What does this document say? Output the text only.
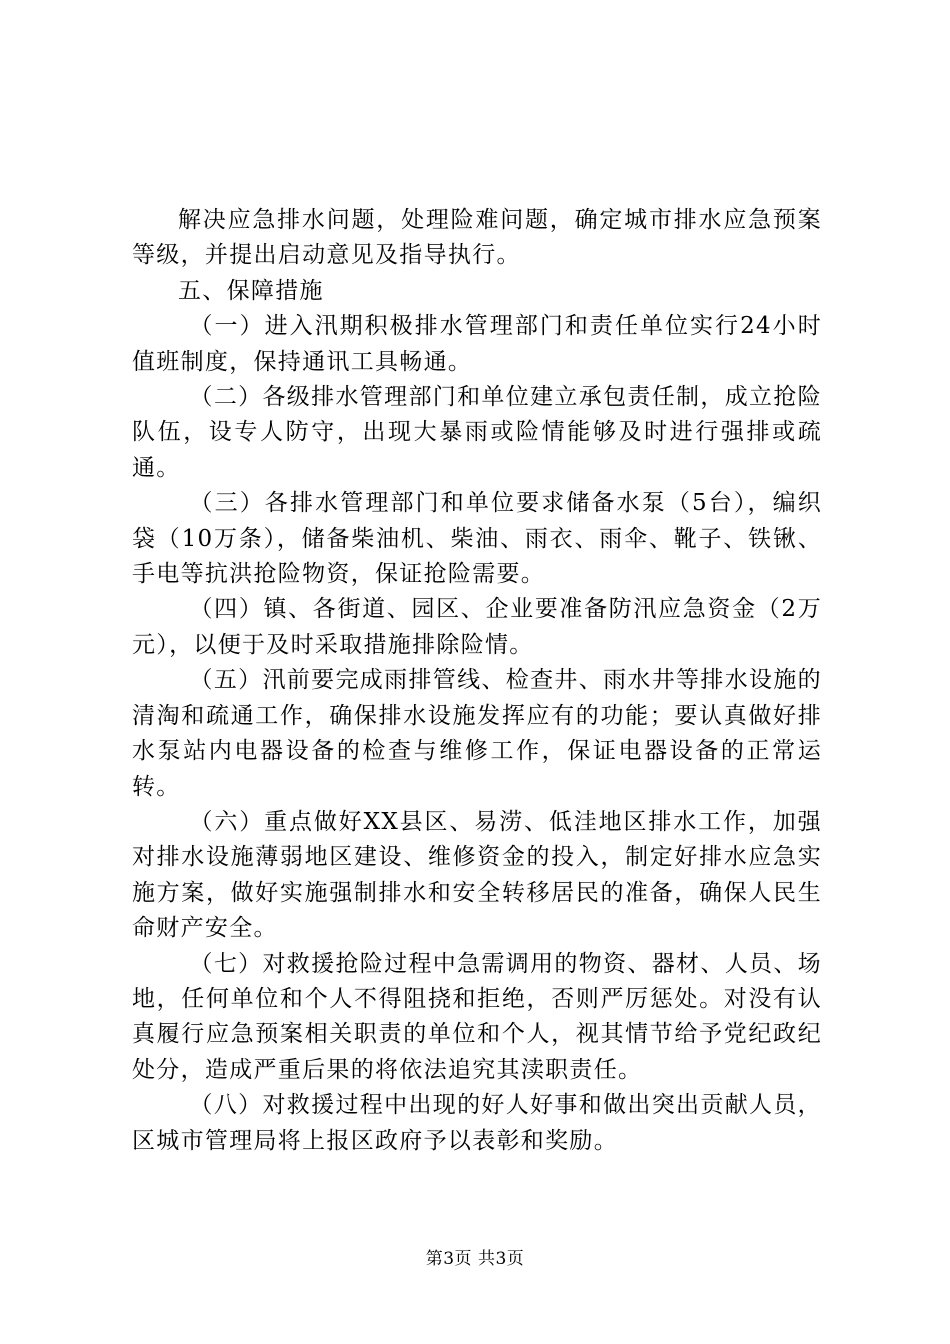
解决应急排水问题，处理险难问题，确定城市排水应急预案等级，并提出启动意见及指导执行。

五、保障措施

（一）进入汛期积极排水管理部门和责任单位实行24小时值班制度，保持通讯工具畅通。

（二）各级排水管理部门和单位建立承包责任制，成立抢险队伍，设专人防守，出现大暴雨或险情能够及时进行强排或疏通。

（三）各排水管理部门和单位要求储备水泵（5台），编织袋（10万条），储备柴油机、柴油、雨衣、雨伞、靴子、铁锹、手电等抗洪抢险物资，保证抢险需要。

（四）镇、各街道、园区、企业要准备防汛应急资金（2万元），以便于及时采取措施排除险情。

（五）汛前要完成雨排管线、检查井、雨水井等排水设施的清淘和疏通工作，确保排水设施发挥应有的功能；要认真做好排水泵站内电器设备的检查与维修工作，保证电器设备的正常运转。

（六）重点做好XX县区、易涝、低洼地区排水工作，加强对排水设施薄弱地区建设、维修资金的投入，制定好排水应急实施方案，做好实施强制排水和安全转移居民的准备，确保人民生命财产安全。

（七）对救援抢险过程中急需调用的物资、器材、人员、场地，任何单位和个人不得阻挠和拒绝，否则严厉惩处。对没有认真履行应急预案相关职责的单位和个人，视其情节给予党纪政纪处分，造成严重后果的将依法追究其渎职责任。

（八）对救援过程中出现的好人好事和做出突出贡献人员，区城市管理局将上报区政府予以表彰和奖励。

第3页 共3页
